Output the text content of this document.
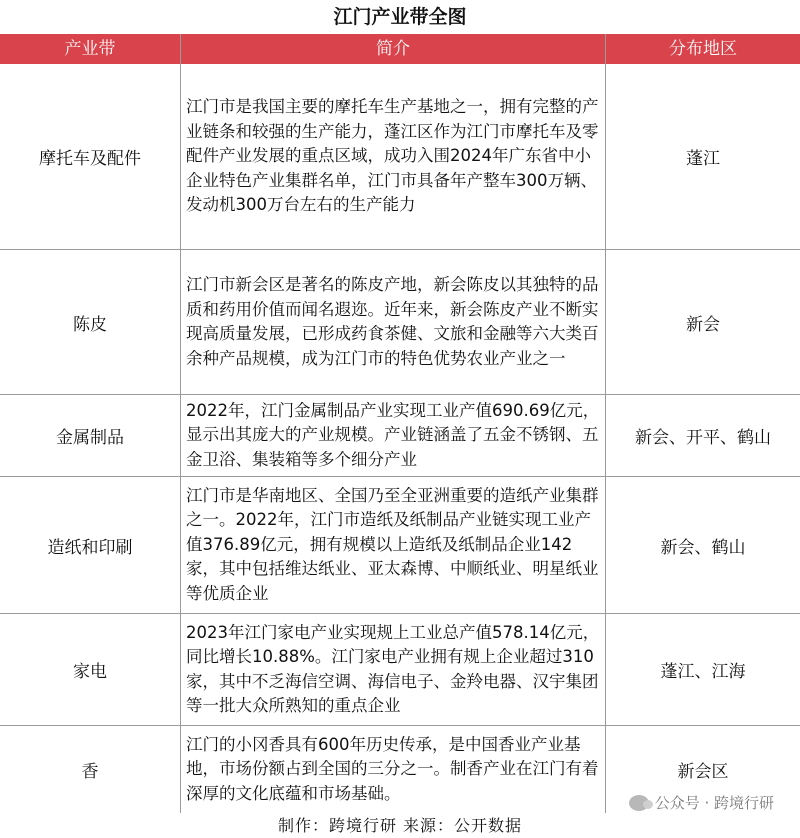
江门产业带全图
产业带	简介	分布地区
摩托车及配件
江门市是我国主要的摩托车生产基地之一，拥有完整的产业链条和较强的生产能力，蓬江区作为江门市摩托车及零配件产业发展的重点区域，成功入围2024年广东省中小企业特色产业集群名单，江门市具备年产整车300万辆、发动机300万台左右的生产能力
蓬江
陈皮
江门市新会区是著名的陈皮产地，新会陈皮以其独特的品质和药用价值而闻名遐迩。近年来，新会陈皮产业不断实现高质量发展，已形成药食茶健、文旅和金融等六大类百余种产品规模，成为江门市的特色优势农业产业之一
新会
金属制品
2022年，江门金属制品产业实现工业产值690.69亿元，显示出其庞大的产业规模。产业链涵盖了五金不锈钢、五金卫浴、集装箱等多个细分产业
新会、开平、鹤山
造纸和印刷
江门市是华南地区、全国乃至全亚洲重要的造纸产业集群之一。2022年，江门市造纸及纸制品产业链实现工业产值376.89亿元，拥有规模以上造纸及纸制品企业142家，其中包括维达纸业、亚太森博、中顺纸业、明星纸业等优质企业
新会、鹤山
家电
2023年江门家电产业实现规上工业总产值578.14亿元，同比增长10.88%。江门家电产业拥有规上企业超过310家，其中不乏海信空调、海信电子、金羚电器、汉宇集团等一批大众所熟知的重点企业
蓬江、江海
香
江门的小冈香具有600年历史传承，是中国香业产业基地，市场份额占到全国的三分之一。制香产业在江门有着深厚的文化底蕴和市场基础。
新会区
公众号 · 跨境行研
制作：跨境行研 来源：公开数据
